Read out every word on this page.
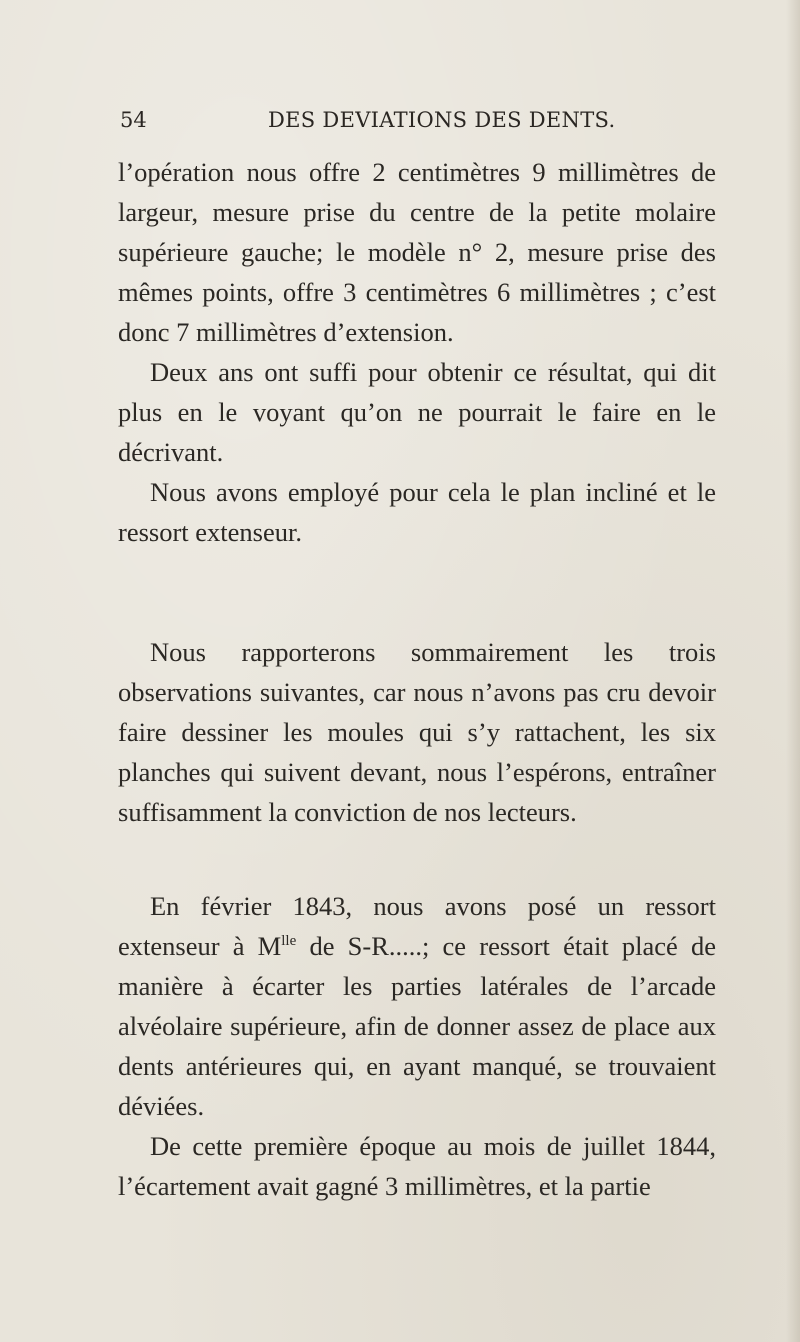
54	DES DEVIATIONS DES DENTS.

l’opération nous offre 2 centimètres 9 millimètres de largeur, mesure prise du centre de la petite molaire supérieure gauche; le modèle n° 2, mesure prise des mêmes points, offre 3 centimètres 6 millimètres ; c’est donc 7 millimètres d’extension.

Deux ans ont suffi pour obtenir ce résultat, qui dit plus en le voyant qu’on ne pourrait le faire en le décrivant.

Nous avons employé pour cela le plan incliné et le ressort extenseur.

Nous rapporterons sommairement les trois observations suivantes, car nous n’avons pas cru devoir faire dessiner les moules qui s’y rattachent, les six planches qui suivent devant, nous l’espérons, entraîner suffisamment la conviction de nos lecteurs.

En février 1843, nous avons posé un ressort extenseur à $M^{lle}$ de S-R.....; ce ressort était placé de manière à écarter les parties latérales de l’arcade alvéolaire supérieure, afin de donner assez de place aux dents antérieures qui, en ayant manqué, se trouvaient déviées.

De cette première époque au mois de juillet 1844, l’écartement avait gagné 3 millimètres, et la partie
